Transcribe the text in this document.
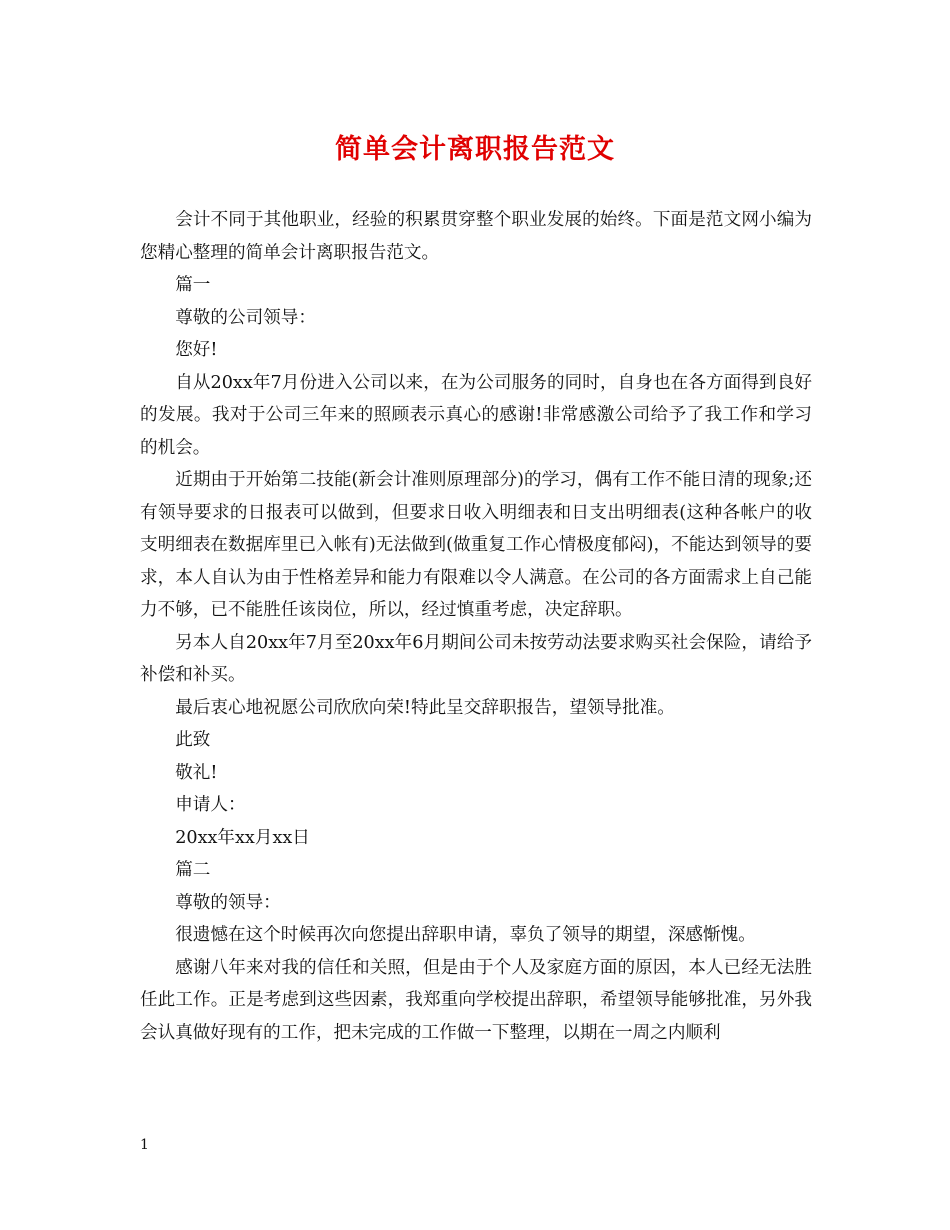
简单会计离职报告范文

会计不同于其他职业，经验的积累贯穿整个职业发展的始终。下面是范文网小编为您精心整理的简单会计离职报告范文。

篇一

尊敬的公司领导：

您好!

自从20xx年7月份进入公司以来，在为公司服务的同时，自身也在各方面得到良好的发展。我对于公司三年来的照顾表示真心的感谢!非常感激公司给予了我工作和学习的机会。

近期由于开始第二技能(新会计准则原理部分)的学习，偶有工作不能日清的现象;还有领导要求的日报表可以做到，但要求日收入明细表和日支出明细表(这种各帐户的收支明细表在数据库里已入帐有)无法做到(做重复工作心情极度郁闷)，不能达到领导的要求，本人自认为由于性格差异和能力有限难以令人满意。在公司的各方面需求上自己能力不够，已不能胜任该岗位，所以，经过慎重考虑，决定辞职。

另本人自20xx年7月至20xx年6月期间公司未按劳动法要求购买社会保险，请给予补偿和补买。

最后衷心地祝愿公司欣欣向荣!特此呈交辞职报告，望领导批准。

此致

敬礼!

申请人：

20xx年xx月xx日

篇二

尊敬的领导：

很遗憾在这个时候再次向您提出辞职申请，辜负了领导的期望，深感惭愧。

感谢八年来对我的信任和关照，但是由于个人及家庭方面的原因，本人已经无法胜任此工作。正是考虑到这些因素，我郑重向学校提出辞职，希望领导能够批准，另外我会认真做好现有的工作，把未完成的工作做一下整理，以期在一周之内顺利

1
